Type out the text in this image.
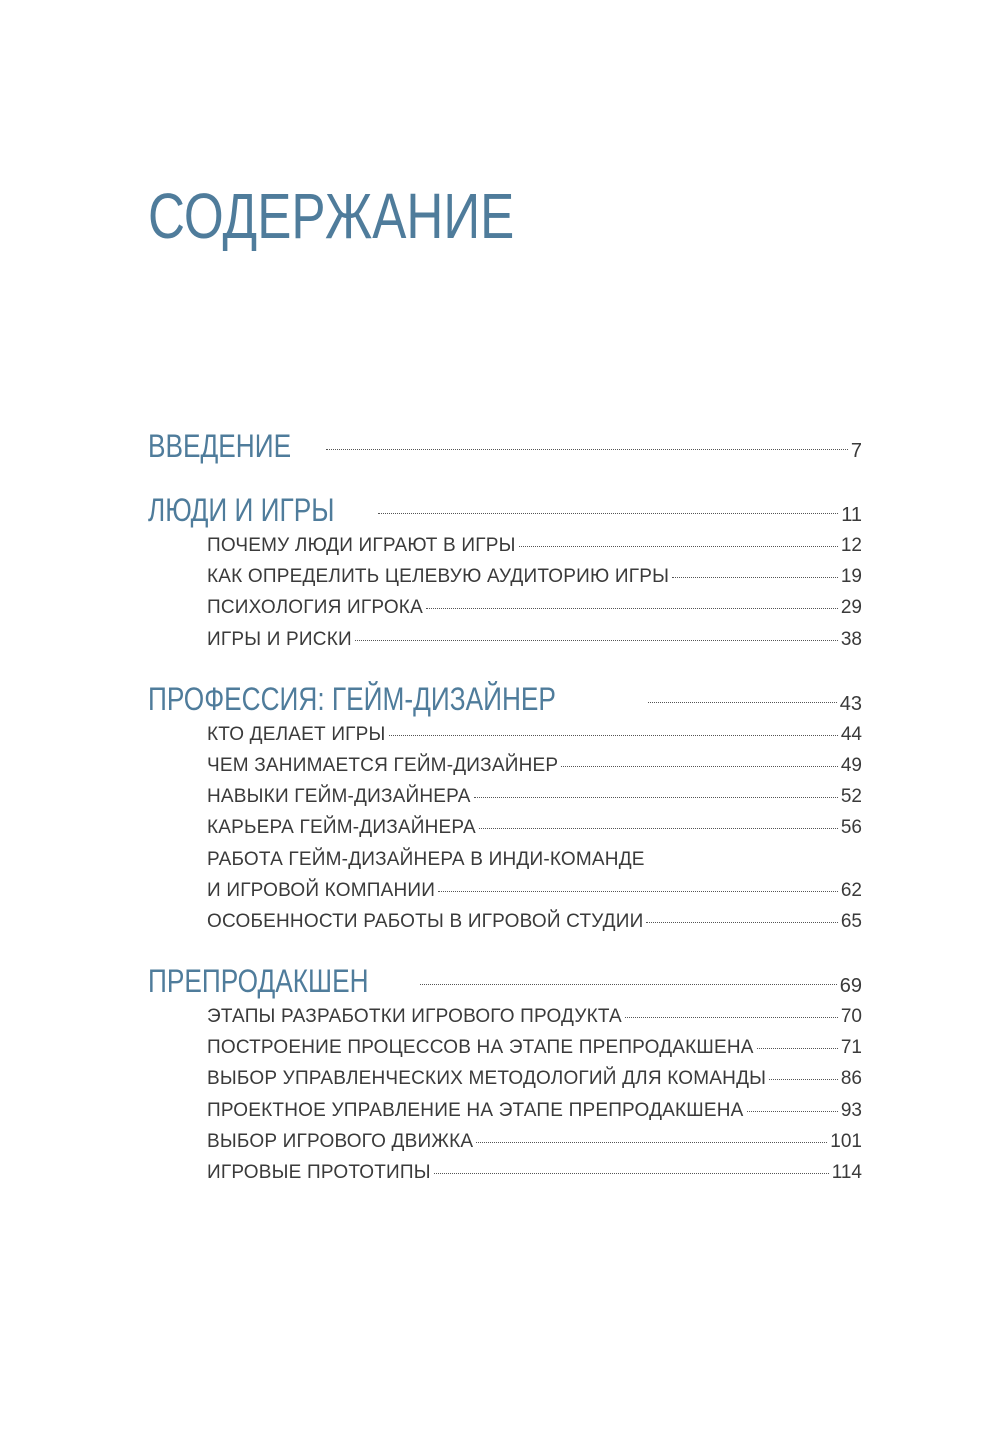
СОДЕРЖАНИЕ
ВВЕДЕНИЕ	7
ЛЮДИ И ИГРЫ	11
ПОЧЕМУ ЛЮДИ ИГРАЮТ В ИГРЫ	12
КАК ОПРЕДЕЛИТЬ ЦЕЛЕВУЮ АУДИТОРИЮ ИГРЫ	19
ПСИХОЛОГИЯ ИГРОКА	29
ИГРЫ И РИСКИ	38
ПРОФЕССИЯ: ГЕЙМ-ДИЗАЙНЕР	43
КТО ДЕЛАЕТ ИГРЫ	44
ЧЕМ ЗАНИМАЕТСЯ ГЕЙМ-ДИЗАЙНЕР	49
НАВЫКИ ГЕЙМ-ДИЗАЙНЕРА	52
КАРЬЕРА ГЕЙМ-ДИЗАЙНЕРА	56
РАБОТА ГЕЙМ-ДИЗАЙНЕРА В ИНДИ-КОМАНДЕ
И ИГРОВОЙ КОМПАНИИ	62
ОСОБЕННОСТИ РАБОТЫ В ИГРОВОЙ СТУДИИ	65
ПРЕПРОДАКШЕН	69
ЭТАПЫ РАЗРАБОТКИ ИГРОВОГО ПРОДУКТА	70
ПОСТРОЕНИЕ ПРОЦЕССОВ НА ЭТАПЕ ПРЕПРОДАКШЕНА	71
ВЫБОР УПРАВЛЕНЧЕСКИХ МЕТОДОЛОГИЙ ДЛЯ КОМАНДЫ	86
ПРОЕКТНОЕ УПРАВЛЕНИЕ НА ЭТАПЕ ПРЕПРОДАКШЕНА	93
ВЫБОР ИГРОВОГО ДВИЖКА	101
ИГРОВЫЕ ПРОТОТИПЫ	114
